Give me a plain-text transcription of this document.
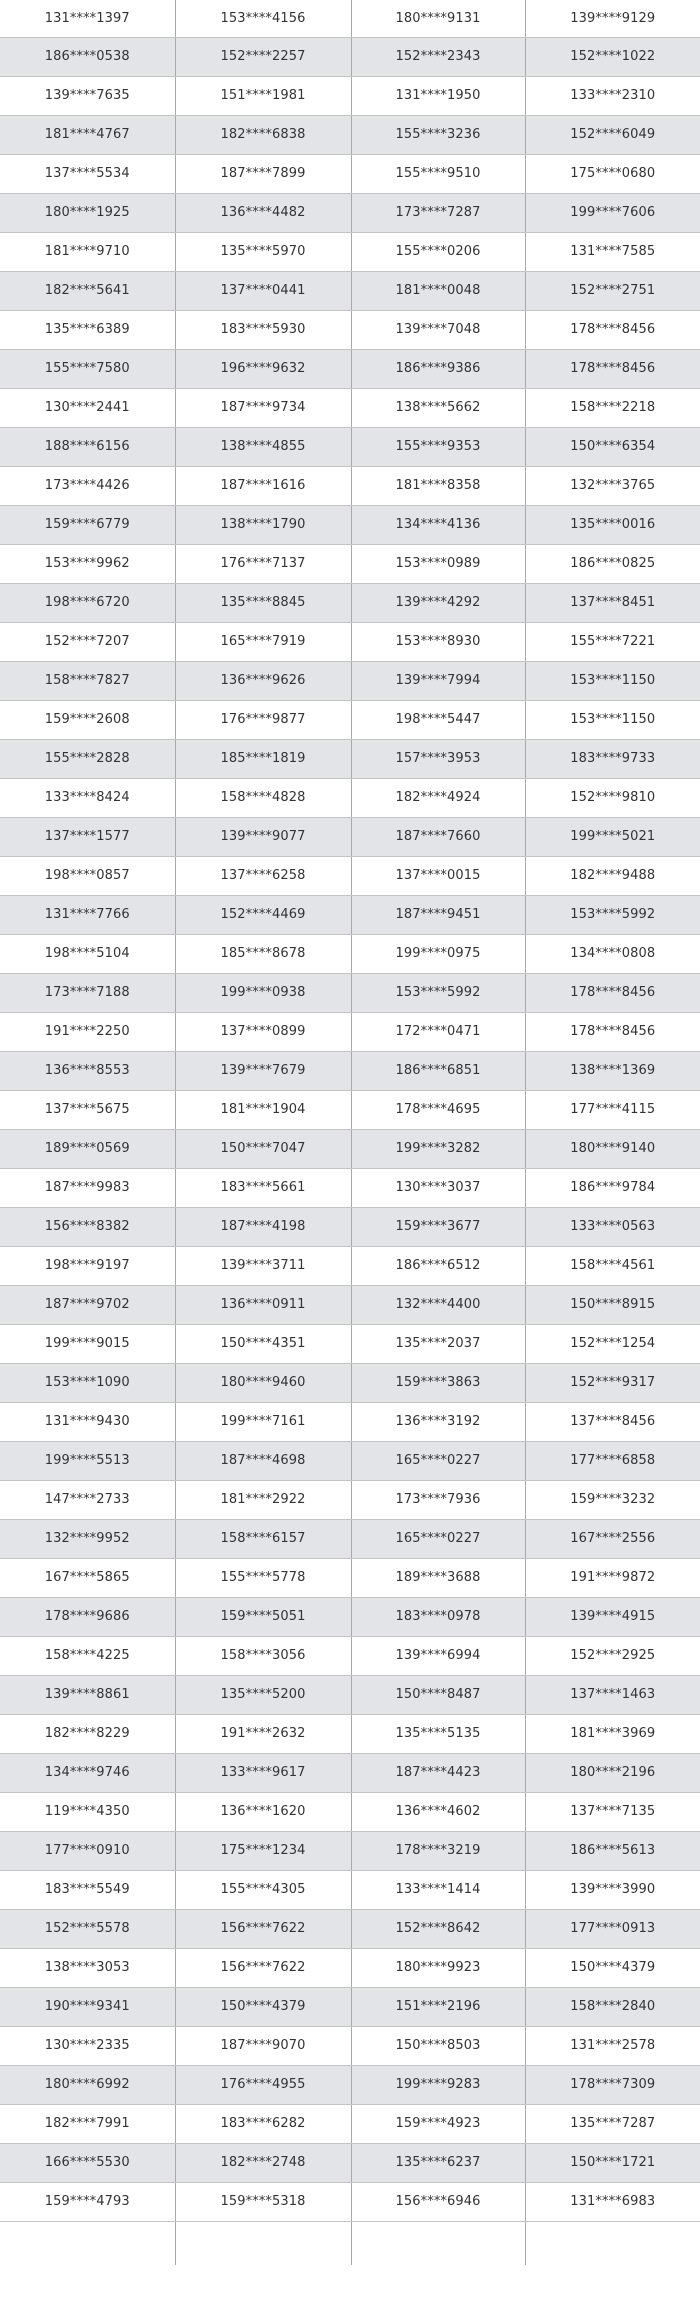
131****1397	153****4156	180****9131	139****9129
186****0538	152****2257	152****2343	152****1022
139****7635	151****1981	131****1950	133****2310
181****4767	182****6838	155****3236	152****6049
137****5534	187****7899	155****9510	175****0680
180****1925	136****4482	173****7287	199****7606
181****9710	135****5970	155****0206	131****7585
182****5641	137****0441	181****0048	152****2751
135****6389	183****5930	139****7048	178****8456
155****7580	196****9632	186****9386	178****8456
130****2441	187****9734	138****5662	158****2218
188****6156	138****4855	155****9353	150****6354
173****4426	187****1616	181****8358	132****3765
159****6779	138****1790	134****4136	135****0016
153****9962	176****7137	153****0989	186****0825
198****6720	135****8845	139****4292	137****8451
152****7207	165****7919	153****8930	155****7221
158****7827	136****9626	139****7994	153****1150
159****2608	176****9877	198****5447	153****1150
155****2828	185****1819	157****3953	183****9733
133****8424	158****4828	182****4924	152****9810
137****1577	139****9077	187****7660	199****5021
198****0857	137****6258	137****0015	182****9488
131****7766	152****4469	187****9451	153****5992
198****5104	185****8678	199****0975	134****0808
173****7188	199****0938	153****5992	178****8456
191****2250	137****0899	172****0471	178****8456
136****8553	139****7679	186****6851	138****1369
137****5675	181****1904	178****4695	177****4115
189****0569	150****7047	199****3282	180****9140
187****9983	183****5661	130****3037	186****9784
156****8382	187****4198	159****3677	133****0563
198****9197	139****3711	186****6512	158****4561
187****9702	136****0911	132****4400	150****8915
199****9015	150****4351	135****2037	152****1254
153****1090	180****9460	159****3863	152****9317
131****9430	199****7161	136****3192	137****8456
199****5513	187****4698	165****0227	177****6858
147****2733	181****2922	173****7936	159****3232
132****9952	158****6157	165****0227	167****2556
167****5865	155****5778	189****3688	191****9872
178****9686	159****5051	183****0978	139****4915
158****4225	158****3056	139****6994	152****2925
139****8861	135****5200	150****8487	137****1463
182****8229	191****2632	135****5135	181****3969
134****9746	133****9617	187****4423	180****2196
119****4350	136****1620	136****4602	137****7135
177****0910	175****1234	178****3219	186****5613
183****5549	155****4305	133****1414	139****3990
152****5578	156****7622	152****8642	177****0913
138****3053	156****7622	180****9923	150****4379
190****9341	150****4379	151****2196	158****2840
130****2335	187****9070	150****8503	131****2578
180****6992	176****4955	199****9283	178****7309
182****7991	183****6282	159****4923	135****7287
166****5530	182****2748	135****6237	150****1721
159****4793	159****5318	156****6946	131****6983
